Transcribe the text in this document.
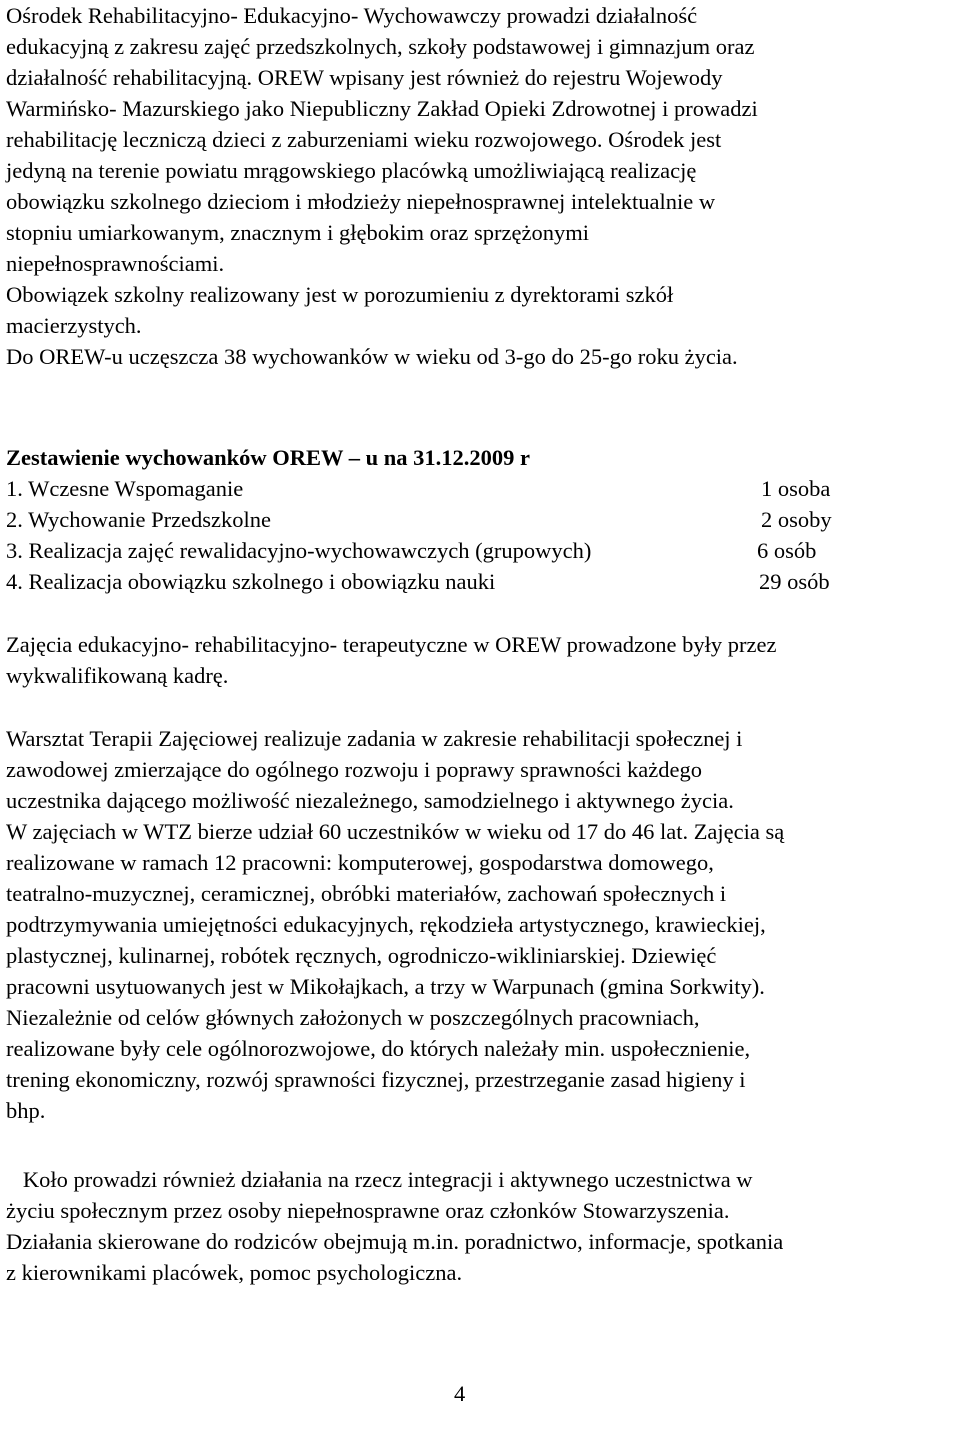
Ośrodek Rehabilitacyjno- Edukacyjno- Wychowawczy prowadzi działalność
edukacyjną z zakresu zajęć przedszkolnych, szkoły podstawowej i gimnazjum oraz
działalność rehabilitacyjną. OREW wpisany jest również do rejestru Wojewody
Warmińsko- Mazurskiego jako Niepubliczny Zakład Opieki Zdrowotnej i prowadzi
rehabilitację leczniczą dzieci z zaburzeniami wieku rozwojowego. Ośrodek jest
jedyną na terenie powiatu mrągowskiego placówką umożliwiającą realizację
obowiązku szkolnego dzieciom i młodzieży niepełnosprawnej intelektualnie w
stopniu umiarkowanym, znacznym i głębokim oraz sprzężonymi
niepełnosprawnościami.
Obowiązek szkolny realizowany jest w porozumieniu z dyrektorami szkół
macierzystych.
Do OREW-u uczęszcza 38 wychowanków w wieku od 3-go do 25-go roku życia.
Zestawienie wychowanków OREW – u na 31.12.2009 r
1. Wczesne Wspomaganie	1 osoba
2. Wychowanie Przedszkolne	2 osoby
3. Realizacja zajęć rewalidacyjno-wychowawczych (grupowych)	6 osób
4. Realizacja obowiązku szkolnego i obowiązku nauki	29 osób
Zajęcia edukacyjno- rehabilitacyjno- terapeutyczne w OREW prowadzone były przez
wykwalifikowaną kadrę.
Warsztat Terapii Zajęciowej realizuje zadania w zakresie rehabilitacji społecznej i
zawodowej zmierzające do ogólnego rozwoju i poprawy sprawności każdego
uczestnika dającego możliwość niezależnego, samodzielnego i aktywnego życia.
W zajęciach w WTZ bierze udział 60 uczestników w wieku od 17 do 46 lat. Zajęcia są
realizowane w ramach 12 pracowni: komputerowej, gospodarstwa domowego,
teatralno-muzycznej, ceramicznej, obróbki materiałów, zachowań społecznych i
podtrzymywania umiejętności edukacyjnych, rękodzieła artystycznego, krawieckiej,
plastycznej, kulinarnej, robótek ręcznych, ogrodniczo-wikliniarskiej. Dziewięć
pracowni usytuowanych jest w Mikołajkach, a trzy w Warpunach (gmina Sorkwity).
Niezależnie od celów głównych założonych w poszczególnych pracowniach,
realizowane były cele ogólnorozwojowe, do których należały min. uspołecznienie,
trening ekonomiczny, rozwój sprawności fizycznej, przestrzeganie zasad higieny i
bhp.
Koło prowadzi również działania na rzecz integracji i aktywnego uczestnictwa w
życiu społecznym przez osoby niepełnosprawne oraz członków Stowarzyszenia.
Działania skierowane do rodziców obejmują m.in. poradnictwo, informacje, spotkania
z kierownikami placówek, pomoc psychologiczna.
4
